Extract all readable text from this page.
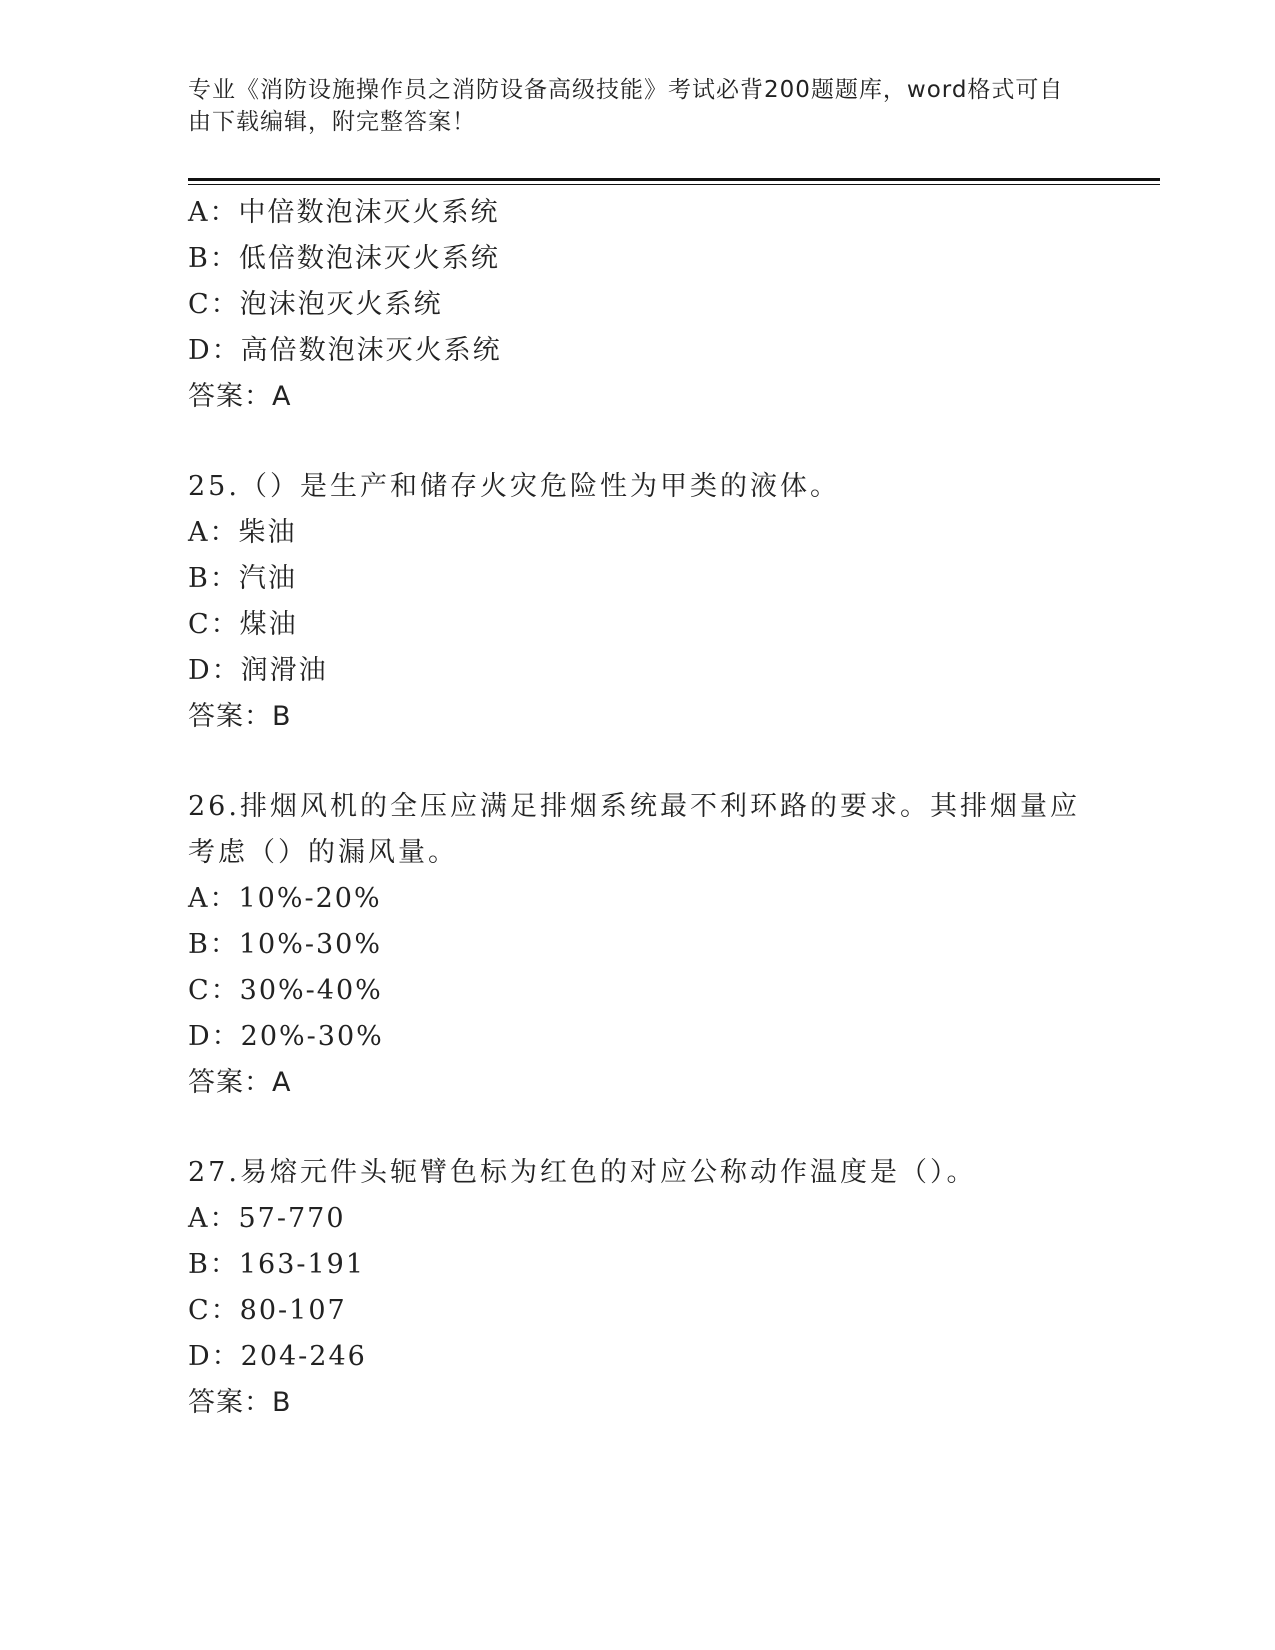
专业《消防设施操作员之消防设备高级技能》考试必背200题题库，word格式可自由下载编辑，附完整答案！
A：中倍数泡沫灭火系统
B：低倍数泡沫灭火系统
C：泡沫泡灭火系统
D：高倍数泡沫灭火系统
答案：A
25.（）是生产和储存火灾危险性为甲类的液体。
A：柴油
B：汽油
C：煤油
D：润滑油
答案：B
26.排烟风机的全压应满足排烟系统最不利环路的要求。其排烟量应考虑（）的漏风量。
A：10%-20%
B：10%-30%
C：30%-40%
D：20%-30%
答案：A
27.易熔元件头轭臂色标为红色的对应公称动作温度是（）。
A：57-770
B：163-191
C：80-107
D：204-246
答案：B
